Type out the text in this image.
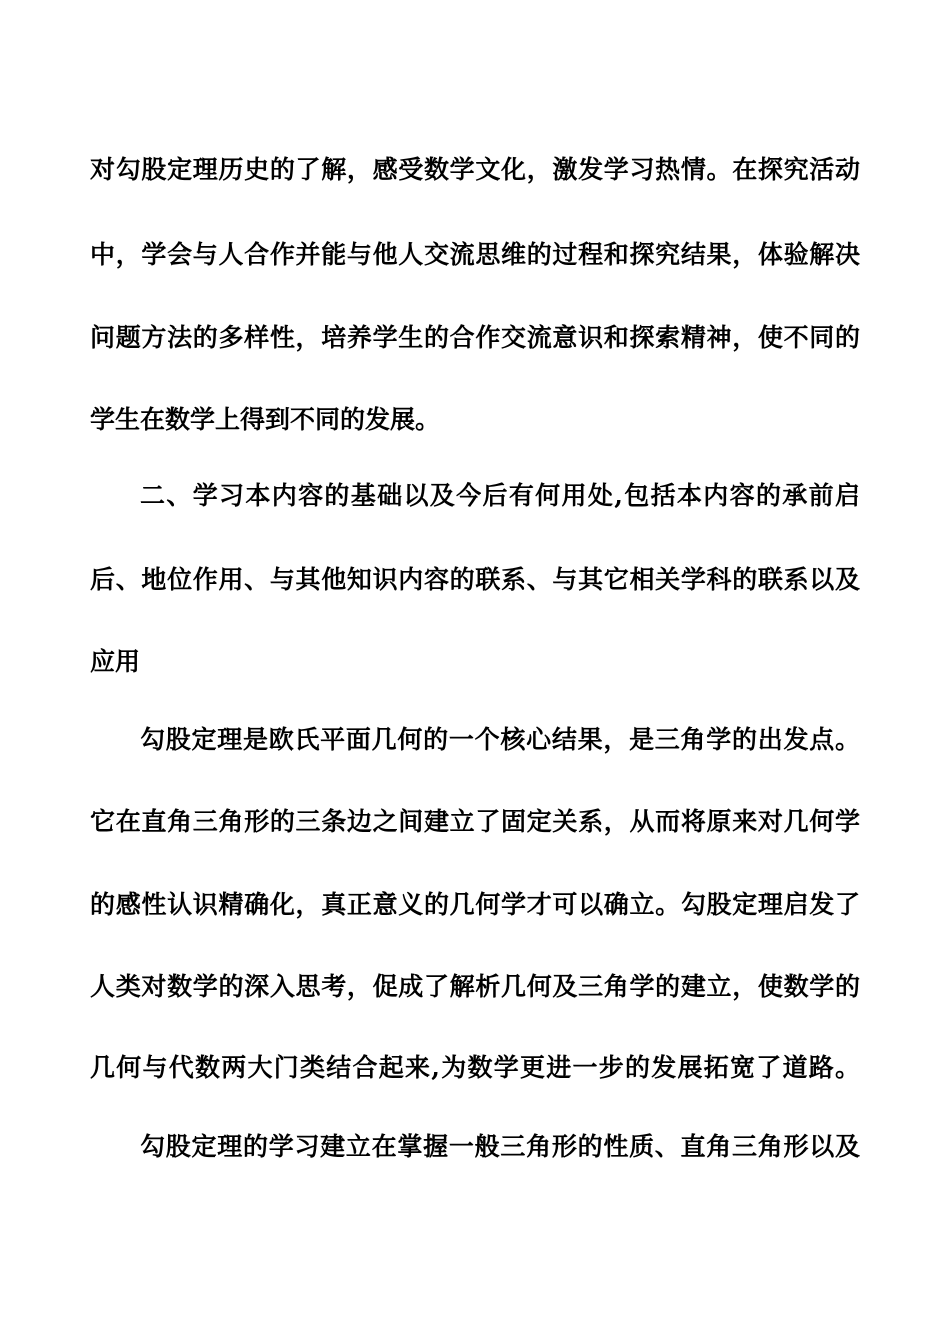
对勾股定理历史的了解，感受数学文化，激发学习热情。在探究活动
中，学会与人合作并能与他人交流思维的过程和探究结果，体验解决
问题方法的多样性，培养学生的合作交流意识和探索精神，使不同的
学生在数学上得到不同的发展。
二、学习本内容的基础以及今后有何用处,包括本内容的承前启
后、地位作用、与其他知识内容的联系、与其它相关学科的联系以及
应用
勾股定理是欧氏平面几何的一个核心结果，是三角学的出发点。
它在直角三角形的三条边之间建立了固定关系，从而将原来对几何学
的感性认识精确化，真正意义的几何学才可以确立。勾股定理启发了
人类对数学的深入思考，促成了解析几何及三角学的建立，使数学的
几何与代数两大门类结合起来,为数学更进一步的发展拓宽了道路。
勾股定理的学习建立在掌握一般三角形的性质、直角三角形以及
